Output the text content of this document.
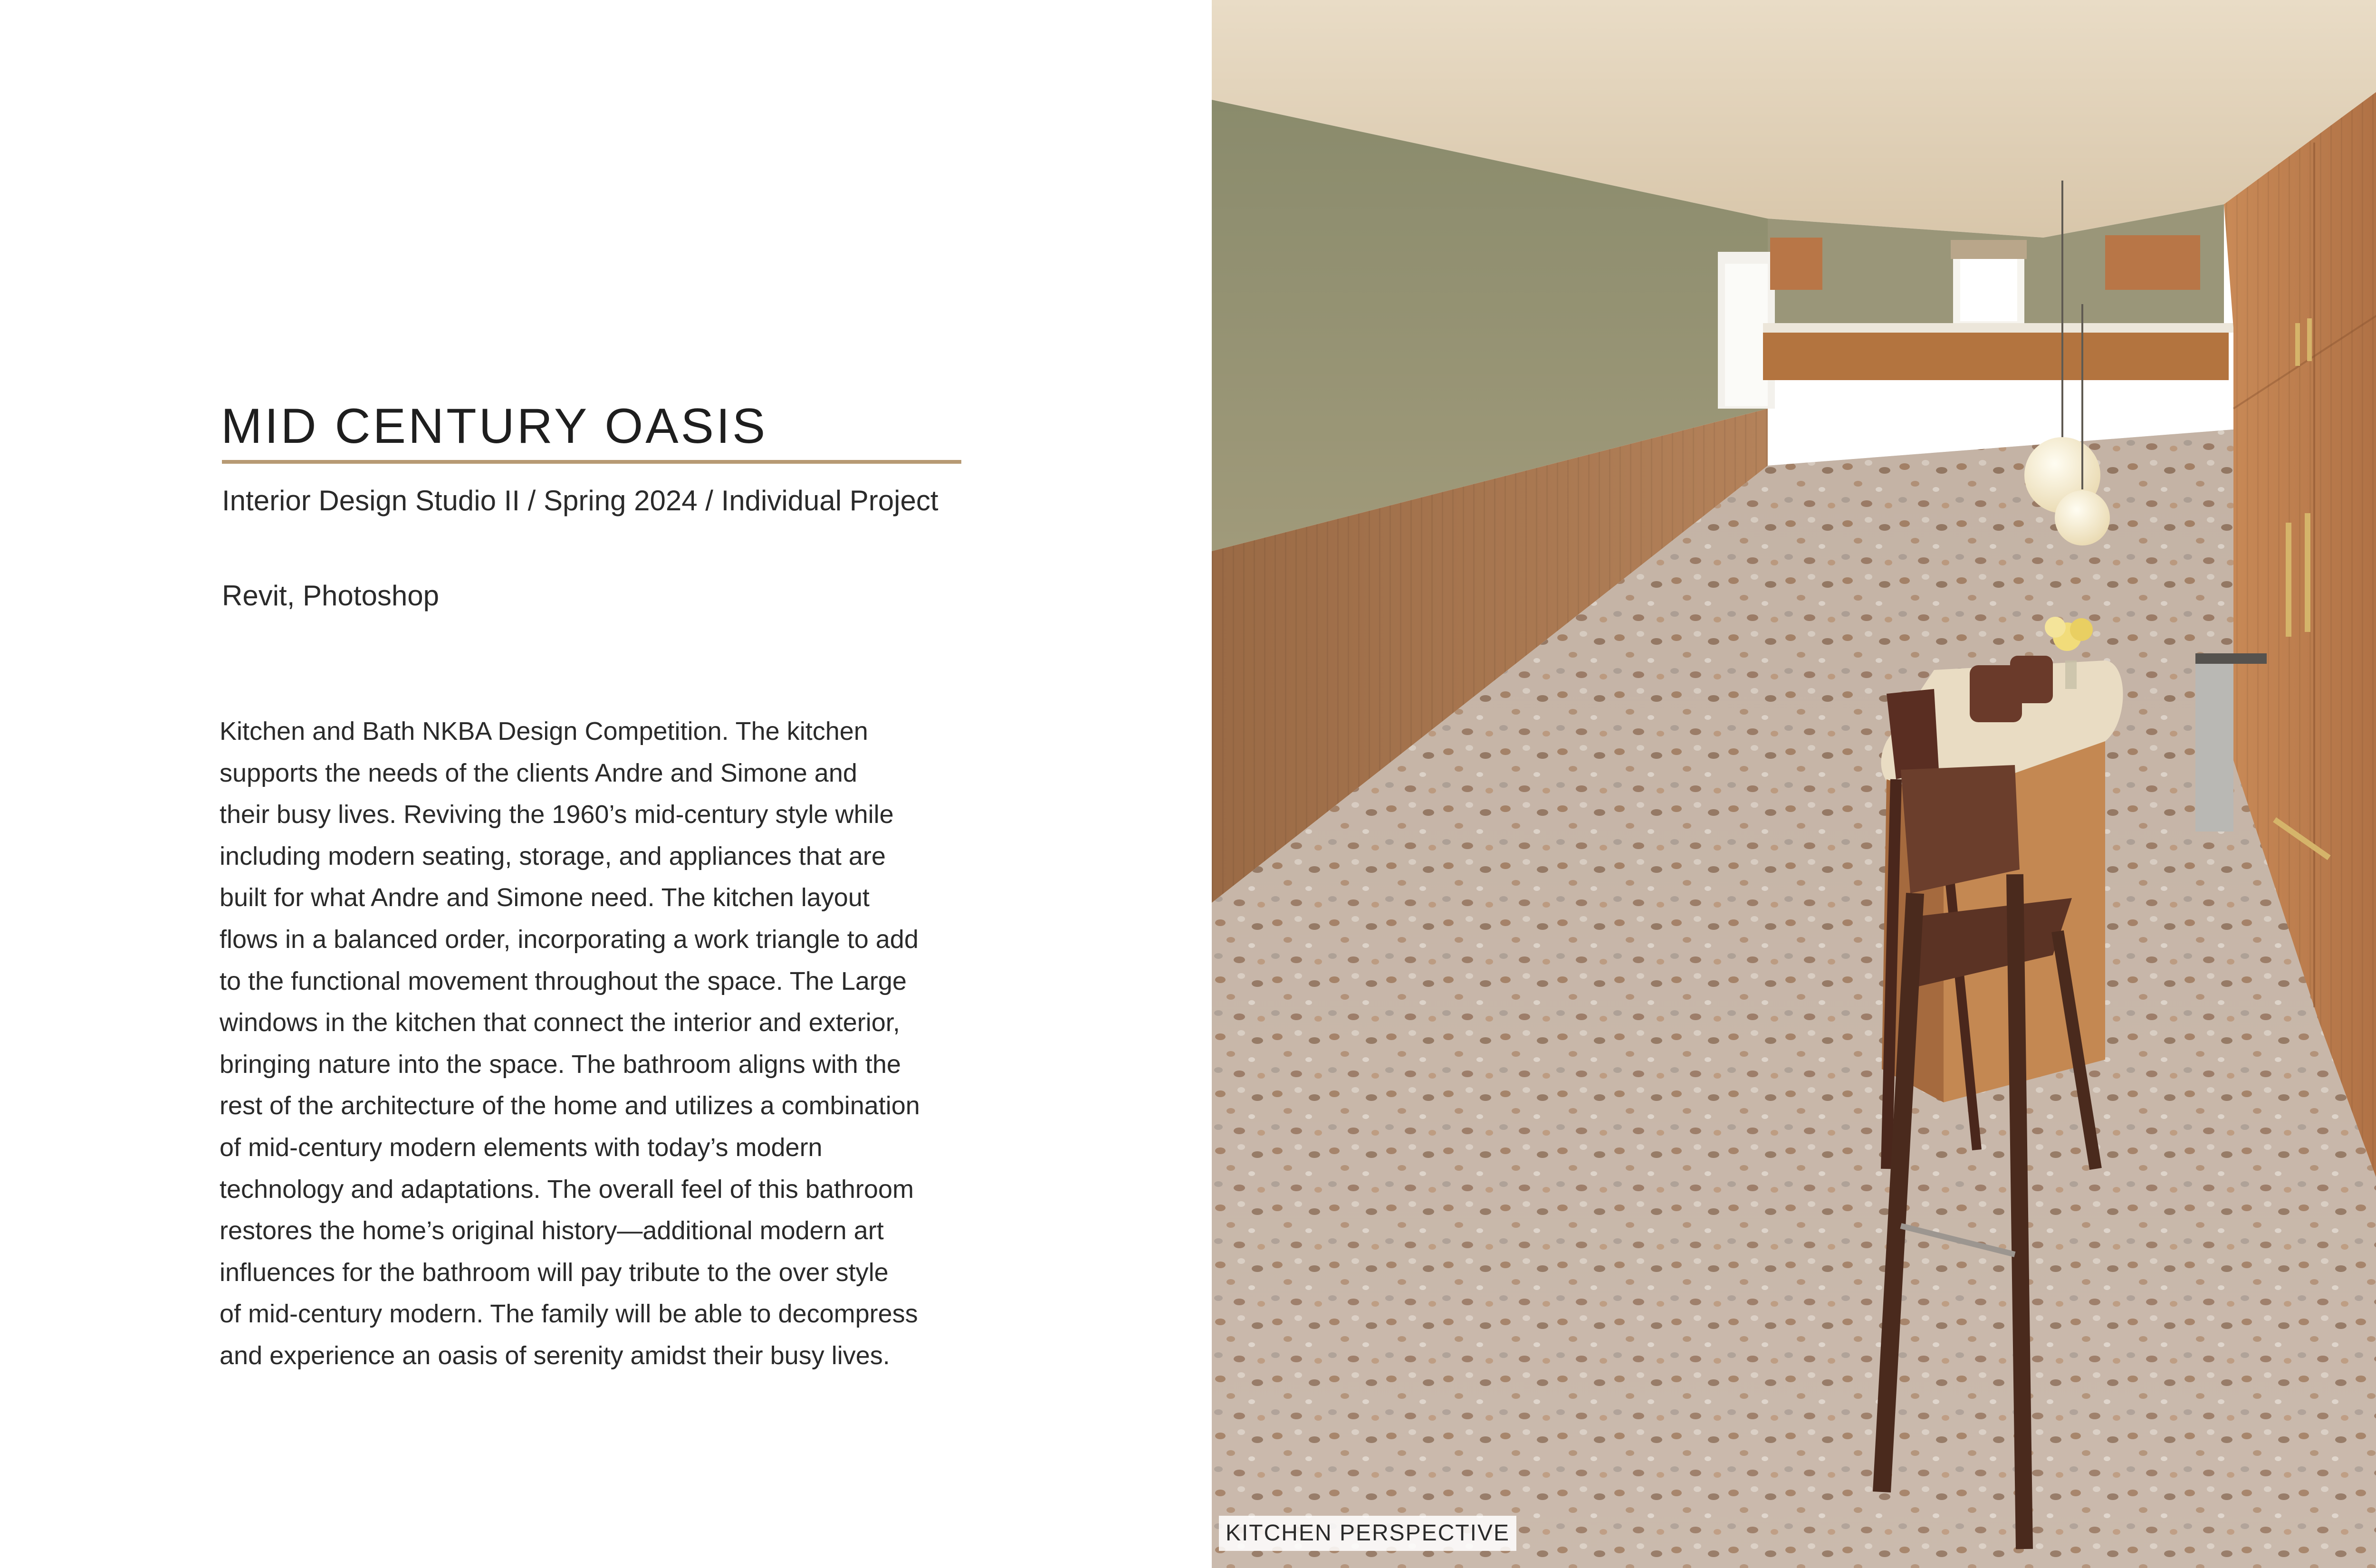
MID CENTURY OASIS
Interior Design Studio II / Spring 2024 / Individual Project
Revit, Photoshop
Kitchen and Bath NKBA Design Competition. The kitchen
supports the needs of the clients Andre and Simone and
their busy lives. Reviving the 1960’s mid-century style while
including modern seating, storage, and appliances that are
built for what Andre and Simone need. The kitchen layout
flows in a balanced order, incorporating a work triangle to add
to the functional movement throughout the space. The Large
windows in the kitchen that connect the interior and exterior,
bringing nature into the space. The bathroom aligns with the
rest of the architecture of the home and utilizes a combination
of mid-century modern elements with today’s modern
technology and adaptations. The overall feel of this bathroom
restores the home’s original history—additional modern art
influences for the bathroom will pay tribute to the over style
of mid-century modern. The family will be able to decompress
and experience an oasis of serenity amidst their busy lives.
KITCHEN PERSPECTIVE
